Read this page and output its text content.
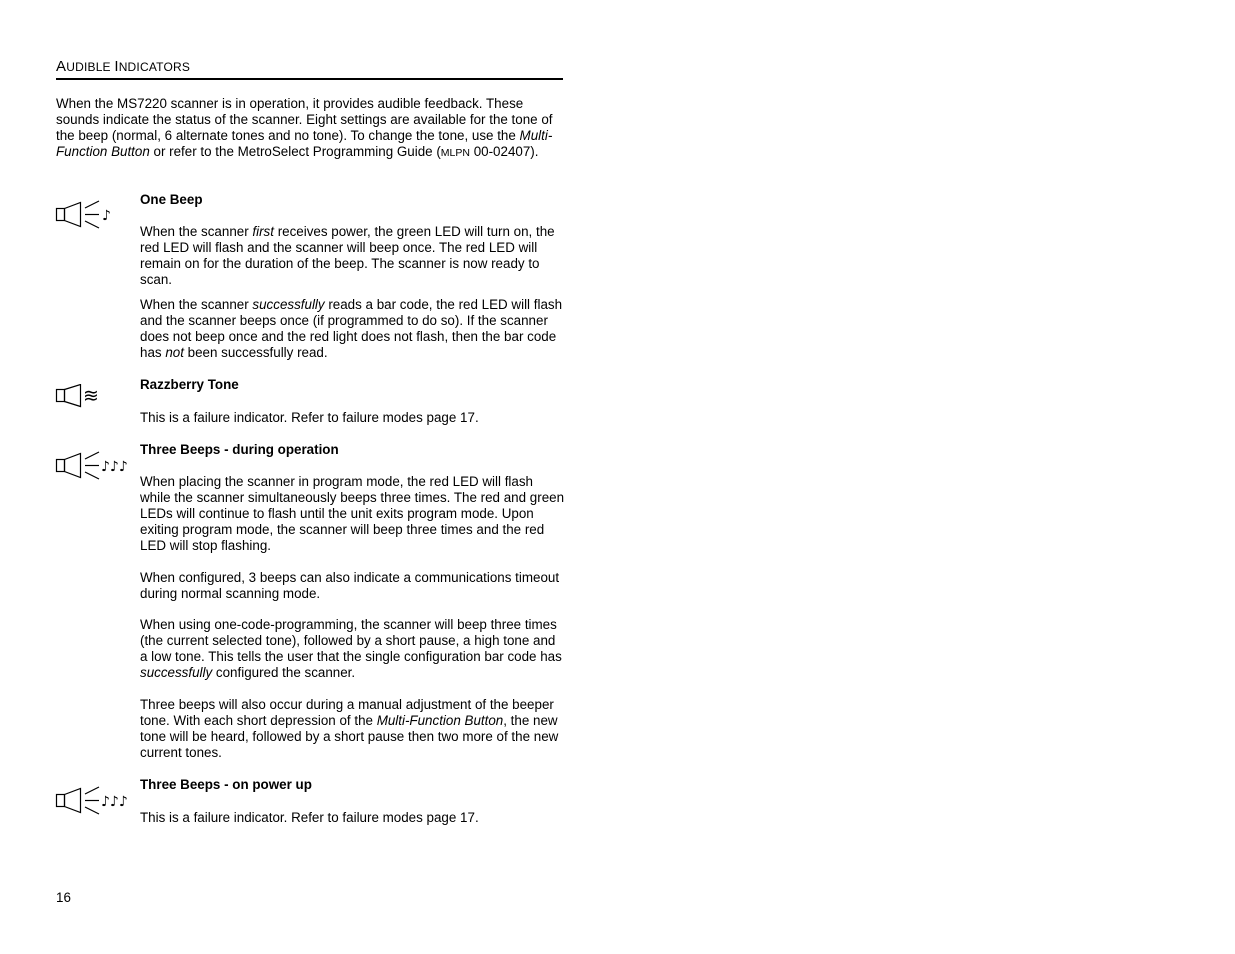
AUDIBLE INDICATORS

When the MS7220 scanner is in operation, it provides audible feedback. These sounds indicate the status of the scanner. Eight settings are available for the tone of the beep (normal, 6 alternate tones and no tone). To change the tone, use the Multi-Function Button or refer to the MetroSelect Programming Guide (MLPN 00-02407).

♪

One Beep

When the scanner first receives power, the green LED will turn on, the red LED will flash and the scanner will beep once. The red LED will remain on for the duration of the beep. The scanner is now ready to scan.

When the scanner successfully reads a bar code, the red LED will flash and the scanner beeps once (if programmed to do so). If the scanner does not beep once and the red light does not flash, then the bar code has not been successfully read.

≋

Razzberry Tone

This is a failure indicator. Refer to failure modes page 17.

♪♪♪

Three Beeps - during operation

When placing the scanner in program mode, the red LED will flash while the scanner simultaneously beeps three times. The red and green LEDs will continue to flash until the unit exits program mode. Upon exiting program mode, the scanner will beep three times and the red LED will stop flashing.

When configured, 3 beeps can also indicate a communications timeout during normal scanning mode.

When using one-code-programming, the scanner will beep three times (the current selected tone), followed by a short pause, a high tone and a low tone. This tells the user that the single configuration bar code has successfully configured the scanner.

Three beeps will also occur during a manual adjustment of the beeper tone. With each short depression of the Multi-Function Button, the new tone will be heard, followed by a short pause then two more of the new current tones.

♪♪♪

Three Beeps - on power up

This is a failure indicator. Refer to failure modes page 17.

16
